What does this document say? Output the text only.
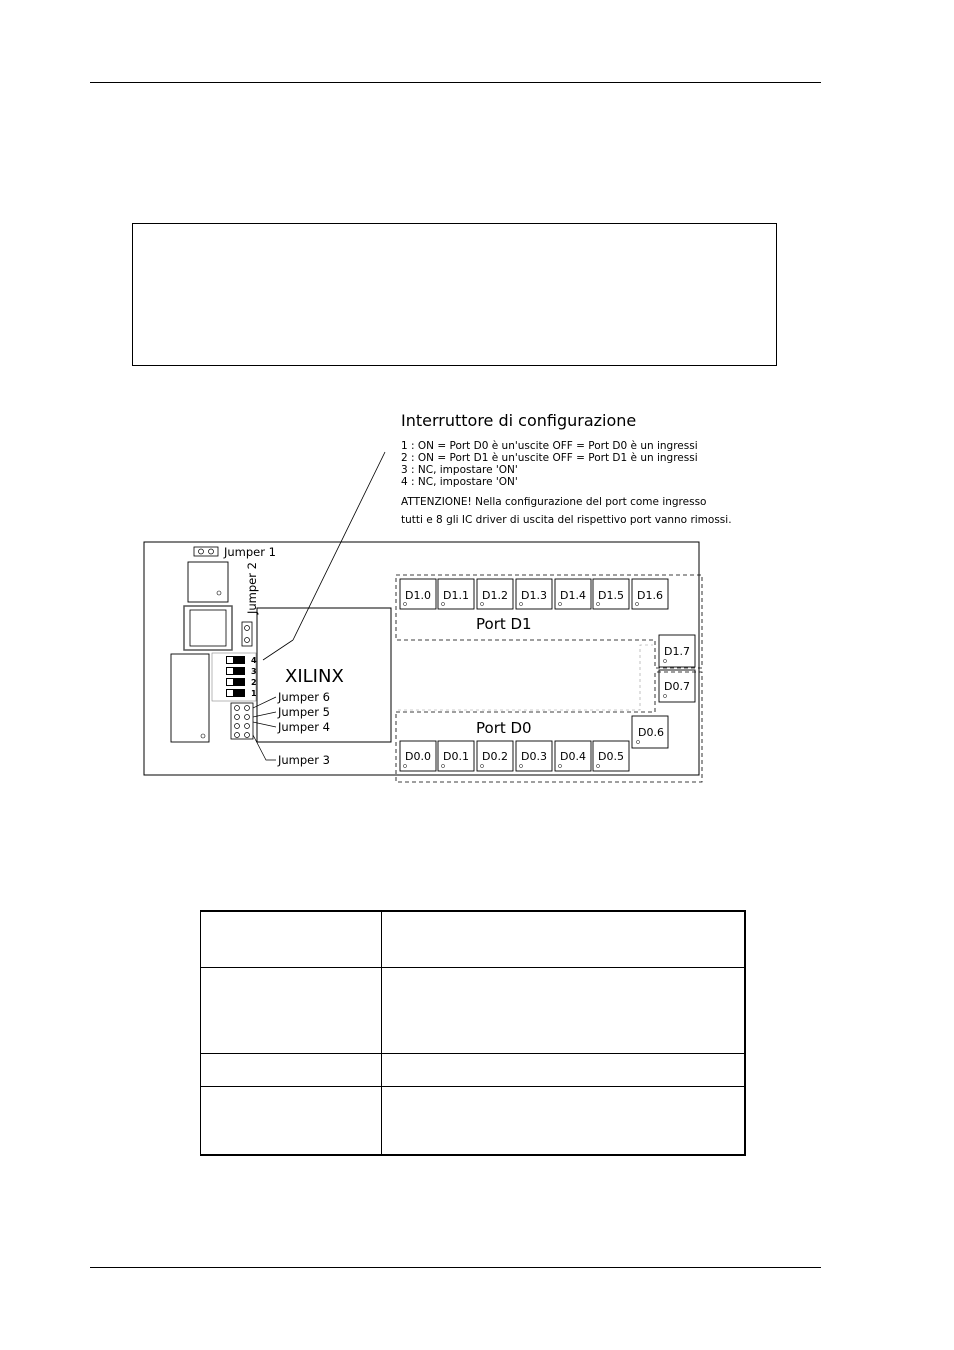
Interruttore di configurazione
1 : ON = Port D0 è un'uscite OFF = Port D0 è un ingressi
2 : ON = Port D1 è un'uscite OFF = Port D1 è un ingressi
3 : NC, impostare 'ON'
4 : NC, impostare 'ON'
ATTENZIONE! Nella configurazione del port come ingresso
tutti e 8 gli IC driver di uscita del rispettivo port vanno rimossi.
Jumper 1
Jumper 2
4
3
2
1
XILINX
Jumper 6
Jumper 5
Jumper 4
Jumper 3
D1.0 D1.1 D1.2 D1.3 D1.4 D1.5 D1.6
Port D1
D1.7
D0.7
D0.6
Port D0
D0.0 D0.1 D0.2 D0.3 D0.4 D0.5
